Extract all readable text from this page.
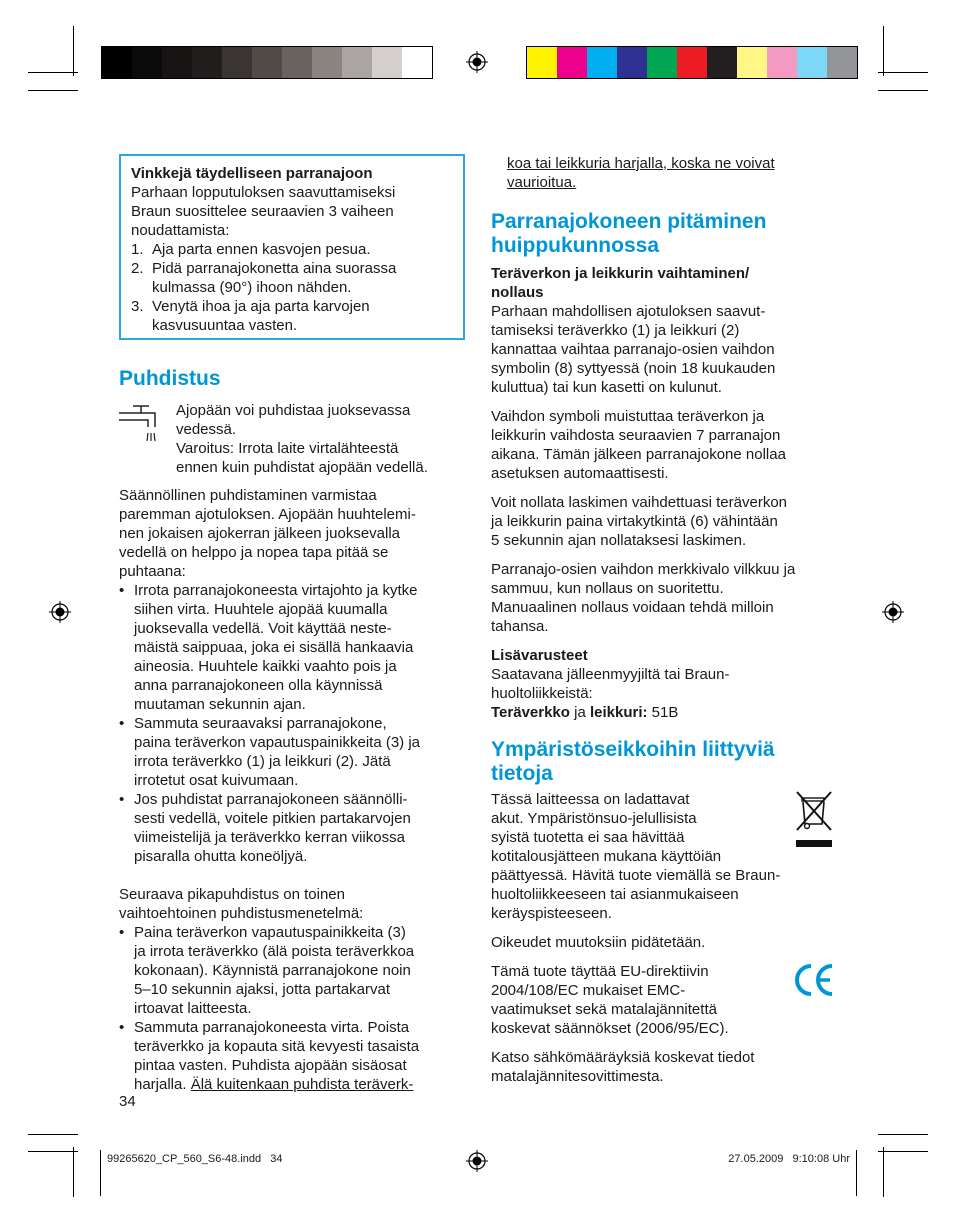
Vinkkejä täydelliseen parranajoon

Parhaan lopputuloksen saavuttamiseksi

Braun suosittelee seuraavien 3 vaiheen

noudattamista:

1. Aja parta ennen kasvojen pesua.

2. Pidä parranajokonetta aina suorassa

kulmassa (90°) ihoon nähden.

3. Venytä ihoa ja aja parta karvojen

kasvusuuntaa vasten.

Puhdistus

Ajopään voi puhdistaa juoksevassa

vedessä.

Varoitus: Irrota laite virtalähteestä

ennen kuin puhdistat ajopään vedellä.

Säännöllinen puhdistaminen varmistaa

paremman ajotuloksen. Ajopään huuhtelemi-

nen jokaisen ajokerran jälkeen juoksevalla

vedellä on helppo ja nopea tapa pitää se

puhtaana:

• Irrota parranajokoneesta virtajohto ja kytke

siihen virta. Huuhtele ajopää kuumalla

juoksevalla vedellä. Voit käyttää neste-

mäistä saippuaa, joka ei sisällä hankaavia

aineosia. Huuhtele kaikki vaahto pois ja

anna parranajokoneen olla käynnissä

muutaman sekunnin ajan.

• Sammuta seuraavaksi parranajokone,

paina teräverkon vapautuspainikkeita (3) ja

irrota teräverkko (1) ja leikkuri (2). Jätä

irrotetut osat kuivumaan.

• Jos puhdistat parranajokoneen säännölli-

sesti vedellä, voitele pitkien partakarvojen

viimeistelijä ja teräverkko kerran viikossa

pisaralla ohutta koneöljyä.

Seuraava pikapuhdistus on toinen

vaihtoehtoinen puhdistusmenetelmä:

• Paina teräverkon vapautuspainikkeita (3)

ja irrota teräverkko (älä poista teräverkkoa

kokonaan). Käynnistä parranajokone noin

5–10 sekunnin ajaksi, jotta partakarvat

irtoavat laitteesta.

• Sammuta parranajokoneesta virta. Poista

teräverkko ja kopauta sitä kevyesti tasaista

pintaa vasten. Puhdista ajopään sisäosat

harjalla. Älä kuitenkaan puhdista teräverk-

34

koa tai leikkuria harjalla, koska ne voivat

vaurioitua.

Parranajokoneen pitäminen

huippukunnossa

Teräverkon ja leikkurin vaihtaminen/

nollaus

Parhaan mahdollisen ajotuloksen saavut-

tamiseksi teräverkko (1) ja leikkuri (2)

kannattaa vaihtaa parranajo-osien vaihdon

symbolin (8) syttyessä (noin 18 kuukauden

kuluttua) tai kun kasetti on kulunut.

Vaihdon symboli muistuttaa teräverkon ja

leikkurin vaihdosta seuraavien 7 parranajon

aikana. Tämän jälkeen parranajokone nollaa

asetuksen automaattisesti.

Voit nollata laskimen vaihdettuasi teräverkon

ja leikkurin paina virtakytkintä (6) vähintään

5 sekunnin ajan nollataksesi laskimen.

Parranajo-osien vaihdon merkkivalo vilkkuu ja

sammuu, kun nollaus on suoritettu.

Manuaalinen nollaus voidaan tehdä milloin

tahansa.

Lisävarusteet

Saatavana jälleenmyyjiltä tai Braun-

huoltoliikkeistä:

Teräverkko ja leikkuri: 51B

Ympäristöseikkoihin liittyviä

tietoja

Tässä laitteessa on ladattavat

akut. Ympäristönsuo-jelullisista

syistä tuotetta ei saa hävittää

kotitalousjätteen mukana käyttöiän

päättyessä. Hävitä tuote viemällä se Braun-

huoltoliikkeeseen tai asianmukaiseen

keräyspisteeseen.

Oikeudet muutoksiin pidätetään.

Tämä tuote täyttää EU-direktiivin

2004/108/EC mukaiset EMC-

vaatimukset sekä matalajännitettä

koskevat säännökset (2006/95/EC).

Katso sähkömääräyksiä koskevat tiedot

matalajännitesovittimesta.

99265620_CP_560_S6-48.indd   34	27.05.2009   9:10:08 Uhr
